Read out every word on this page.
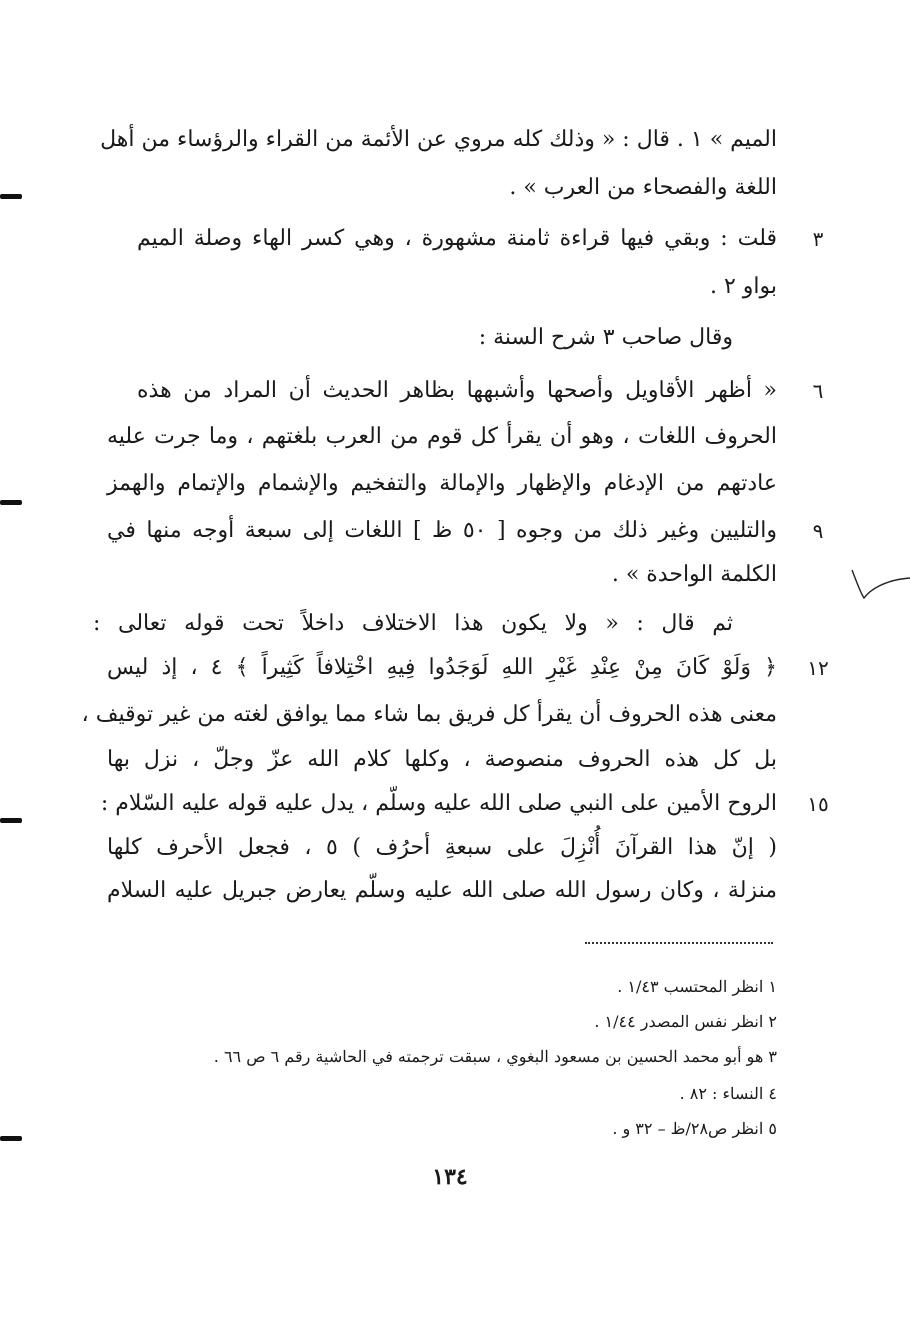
الميم » ١ . قال : « وذلك كله مروي عن الأئمة من القراء والرؤساء من أهل
اللغة والفصحاء من العرب » .
قلت : وبقي فيها قراءة ثامنة مشهورة ، وهي كسر الهاء وصلة الميم
بواو ٢ .
وقال صاحب ٣ شرح السنة :
« أظهر الأقاويل وأصحها وأشبهها بظاهر الحديث أن المراد من هذه
الحروف اللغات ، وهو أن يقرأ كل قوم من العرب بلغتهم ، وما جرت عليه
عادتهم من الإدغام والإظهار والإمالة والتفخيم والإشمام والإتمام والهمز
والتليين وغير ذلك من وجوه [ ٥٠ ظ ] اللغات إلى سبعة أوجه منها في
الكلمة الواحدة » .
ثم قال : « ولا يكون هذا الاختلاف داخلاً تحت قوله تعالى :
﴿ وَلَوْ كَانَ مِنْ عِنْدِ غَيْرِ اللهِ لَوَجَدُوا فِيهِ اخْتِلافاً كَثِيراً ﴾ ٤ ، إذ ليس
معنى هذه الحروف أن يقرأ كل فريق بما شاء مما يوافق لغته من غير توقيف ،
بل كل هذه الحروف منصوصة ، وكلها كلام الله عزّ وجلّ ، نزل بها
الروح الأمين على النبي صلى الله عليه وسلّم ، يدل عليه قوله عليه السّلام :
( إنّ هذا القرآنَ أُنْزِلَ على سبعةِ أحرُف ) ٥ ، فجعل الأحرف كلها
منزلة ، وكان رسول الله صلى الله عليه وسلّم يعارض جبريل عليه السلام
٣
٦
٩
١٢
١٥
١ انظر المحتسب ١/٤٣ .
٢ انظر نفس المصدر ١/٤٤ .
٣ هو أبو محمد الحسين بن مسعود البغوي ، سبقت ترجمته في الحاشية رقم ٦ ص ٦٦ .
٤ النساء : ٨٢ .
٥ انظر ص٢٨/ظ – ٣٢ و .
١٣٤
